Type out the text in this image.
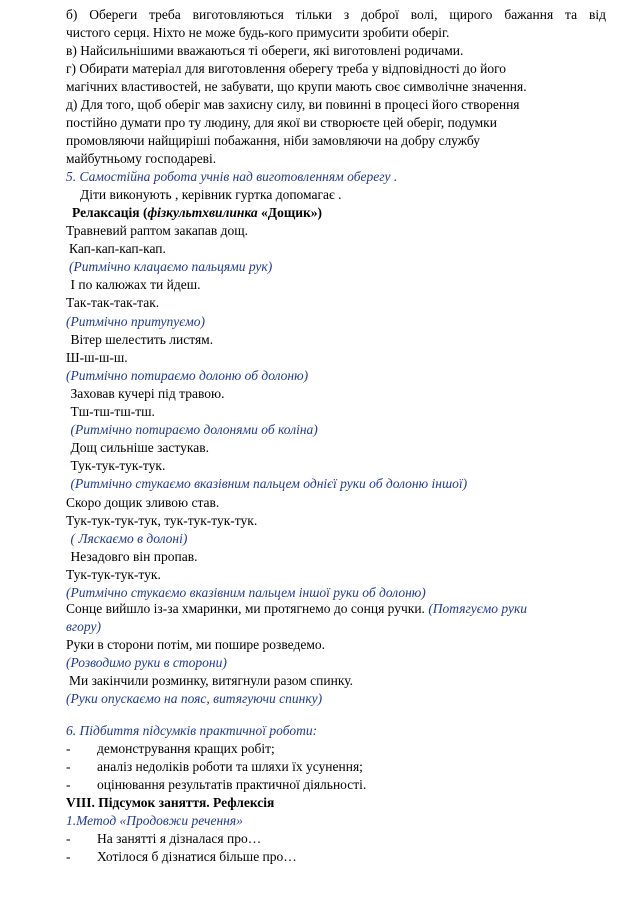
б) Обереги треба виготовляються тільки з доброї волі, щирого бажання та від
чистого серця. Ніхто не може будь-кого примусити зробити оберіг.
в) Найсильнішими вважаються ті обереги, які виготовлені родичами.
г) Обирати матеріал для виготовлення оберегу треба у відповідності до його
магічних властивостей, не забувати, що крупи мають своє символічне значення.
д) Для того, щоб оберіг мав захисну силу, ви повинні в процесі його створення
постійно думати про ту людину, для якої ви створюєте цей оберіг, подумки
промовляючи найщиріші побажання, ніби замовляючи на добру службу
майбутньому господареві.
5. Самостійна робота учнів над виготовленням оберегу .
Діти виконують , керівник гуртка допомагає .
Релаксація (фізкультхвилинка «Дощик»)
Травневий раптом закапав дощ.
Кап-кап-кап-кап.
(Ритмічно клацаємо пальцями рук)
І по калюжах ти йдеш.
Так-так-так-так.
(Ритмічно притупуємо)
Вітер шелестить листям.
Ш-ш-ш-ш.
(Ритмічно потираємо долоню об долоню)
Заховав кучері під травою.
Тш-тш-тш-тш.
(Ритмічно потираємо долонями об коліна)
Дощ сильніше застукав.
Тук-тук-тук-тук.
(Ритмічно стукаємо вказівним пальцем однієї руки об долоню іншої)
Скоро дощик зливою став.
Тук-тук-тук-тук, тук-тук-тук-тук.
( Ляскаємо в долоні)
Незадовго він пропав.
Тук-тук-тук-тук.
(Ритмічно стукаємо вказівним пальцем іншої руки об долоню)
Сонце вийшло із-за хмаринки, ми протягнемо до сонця ручки. (Потягуємо руки
вгору)
Руки в сторони потім, ми пошире розведемо.
(Розводимо руки в сторони)
Ми закінчили розминку, витягнули разом спинку.
(Руки опускаємо на пояс, витягуючи спинку)
6. Підбиття підсумків практичної роботи:
-	демонстрування кращих робіт;
-	аналіз недоліків роботи та шляхи їх усунення;
-	оцінювання результатів практичної діяльності.
VIII. Підсумок заняття. Рефлексія
1.Метод «Продовжи речення»
-	На занятті я дізналася про…
-	Хотілося б дізнатися більше про…
